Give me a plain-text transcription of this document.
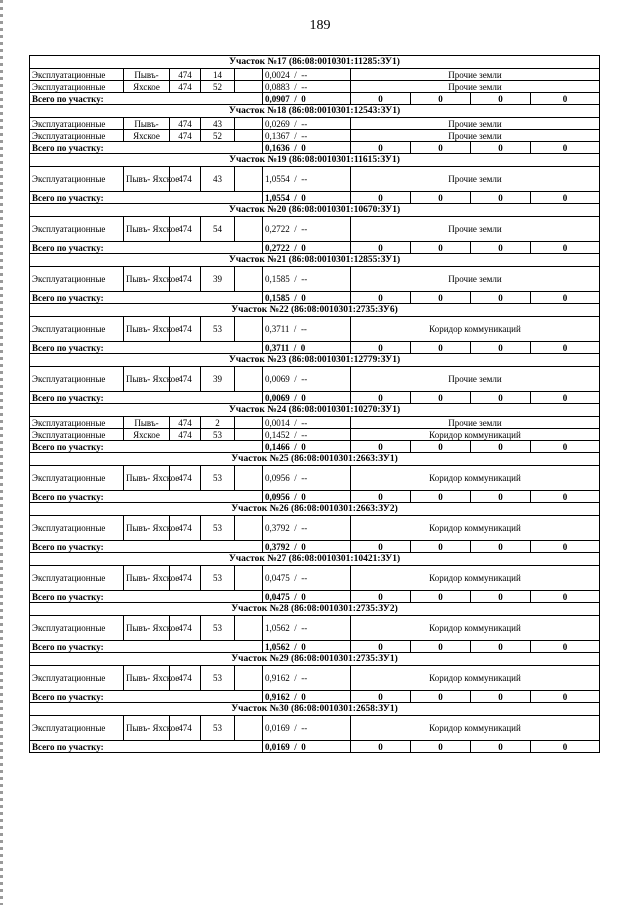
189
Участок №17 (86:08:0010301:11285:ЗУ1)									
Эксплуатационные	Пывъ-	474	14		0,0024 / --	Прочие земли			
Эксплуатационные	Яхское	474	52		0,0883 / --	Прочие земли			
Всего по участку:					0,0907 / 0	0	0	0	0
Участок №18 (86:08:0010301:12543:ЗУ1)									
Эксплуатационные	Пывъ-	474	43		0,0269 / --	Прочие земли			
Эксплуатационные	Яхское	474	52		0,1367 / --	Прочие земли			
Всего по участку:					0,1636 / 0	0	0	0	0
Участок №19 (86:08:0010301:11615:ЗУ1)									
Эксплуатационные	Пывъ- Яхское	474	43		1,0554 / --	Прочие земли			
Всего по участку:					1,0554 / 0	0	0	0	0
Участок №20 (86:08:0010301:10670:ЗУ1)									
Эксплуатационные	Пывъ- Яхское	474	54		0,2722 / --	Прочие земли			
Всего по участку:					0,2722 / 0	0	0	0	0
Участок №21 (86:08:0010301:12855:ЗУ1)									
Эксплуатационные	Пывъ- Яхское	474	39		0,1585 / --	Прочие земли			
Всего по участку:					0,1585 / 0	0	0	0	0
Участок №22 (86:08:0010301:2735:ЗУ6)									
Эксплуатационные	Пывъ- Яхское	474	53		0,3711 / --	Коридор коммуникаций			
Всего по участку:					0,3711 / 0	0	0	0	0
Участок №23 (86:08:0010301:12779:ЗУ1)									
Эксплуатационные	Пывъ- Яхское	474	39		0,0069 / --	Прочие земли			
Всего по участку:					0,0069 / 0	0	0	0	0
Участок №24 (86:08:0010301:10270:ЗУ1)									
Эксплуатационные	Пывъ-	474	2		0,0014 / --	Прочие земли			
Эксплуатационные	Яхское	474	53		0,1452 / --	Коридор коммуникаций			
Всего по участку:					0,1466 / 0	0	0	0	0
Участок №25 (86:08:0010301:2663:ЗУ1)									
Эксплуатационные	Пывъ- Яхское	474	53		0,0956 / --	Коридор коммуникаций			
Всего по участку:					0,0956 / 0	0	0	0	0
Участок №26 (86:08:0010301:2663:ЗУ2)									
Эксплуатационные	Пывъ- Яхское	474	53		0,3792 / --	Коридор коммуникаций			
Всего по участку:					0,3792 / 0	0	0	0	0
Участок №27 (86:08:0010301:10421:ЗУ1)									
Эксплуатационные	Пывъ- Яхское	474	53		0,0475 / --	Коридор коммуникаций			
Всего по участку:					0,0475 / 0	0	0	0	0
Участок №28 (86:08:0010301:2735:ЗУ2)									
Эксплуатационные	Пывъ- Яхское	474	53		1,0562 / --	Коридор коммуникаций			
Всего по участку:					1,0562 / 0	0	0	0	0
Участок №29 (86:08:0010301:2735:ЗУ1)									
Эксплуатационные	Пывъ- Яхское	474	53		0,9162 / --	Коридор коммуникаций			
Всего по участку:					0,9162 / 0	0	0	0	0
Участок №30 (86:08:0010301:2658:ЗУ1)									
Эксплуатационные	Пывъ- Яхское	474	53		0,0169 / --	Коридор коммуникаций			
Всего по участку:					0,0169 / 0	0	0	0	0
